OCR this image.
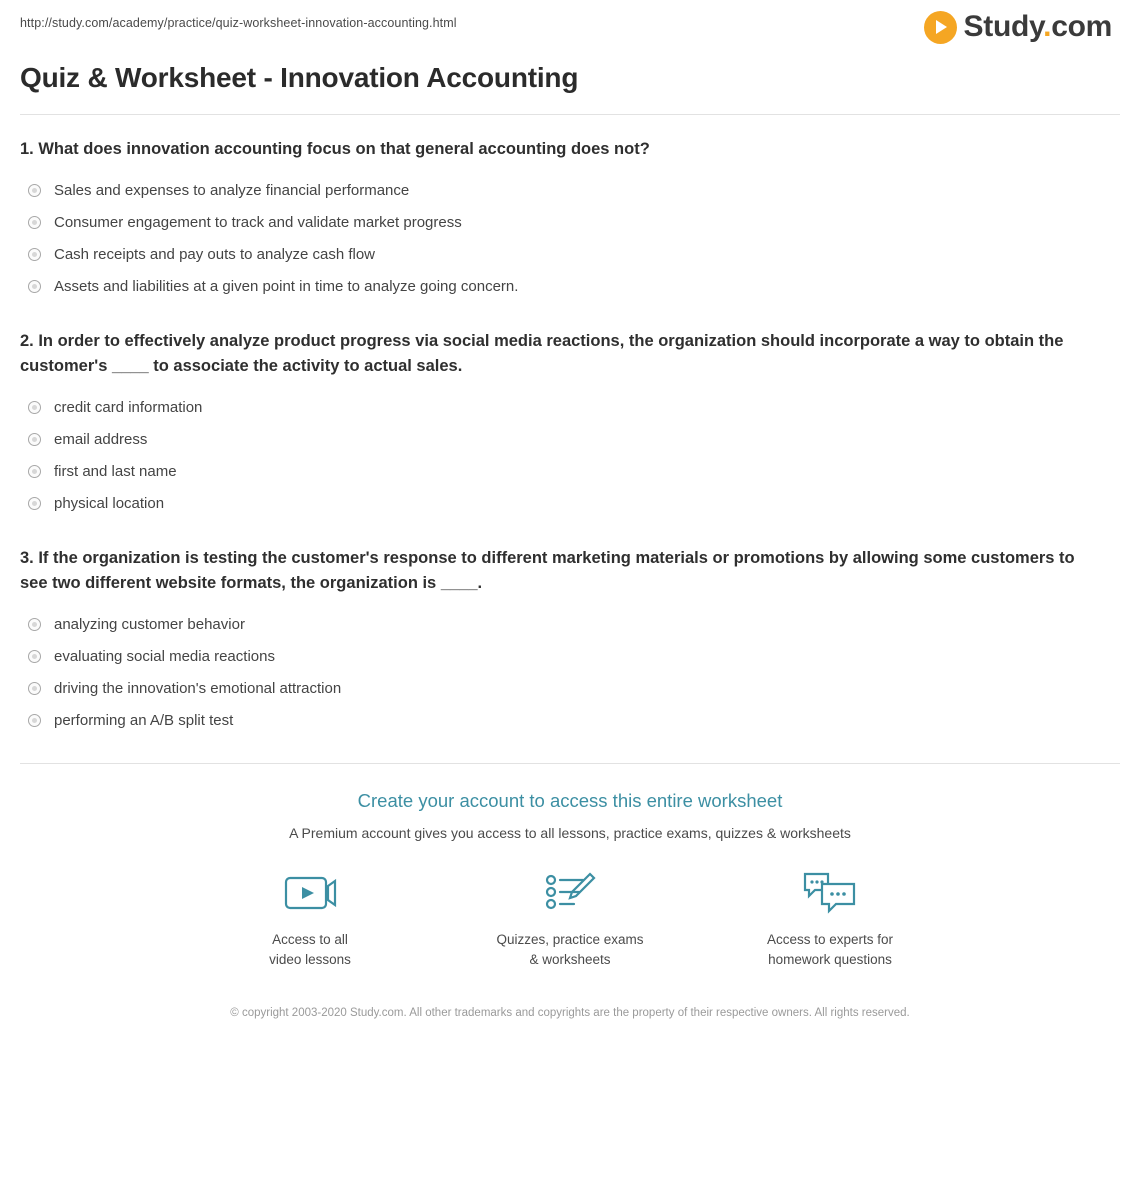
http://study.com/academy/practice/quiz-worksheet-innovation-accounting.html	Study.com
Quiz & Worksheet - Innovation Accounting
1. What does innovation accounting focus on that general accounting does not?
Sales and expenses to analyze financial performance
Consumer engagement to track and validate market progress
Cash receipts and pay outs to analyze cash flow
Assets and liabilities at a given point in time to analyze going concern.
2. In order to effectively analyze product progress via social media reactions, the organization should incorporate a way to obtain the customer's ____ to associate the activity to actual sales.
credit card information
email address
first and last name
physical location
3. If the organization is testing the customer's response to different marketing materials or promotions by allowing some customers to see two different website formats, the organization is ____.
analyzing customer behavior
evaluating social media reactions
driving the innovation's emotional attraction
performing an A/B split test
Create your account to access this entire worksheet
A Premium account gives you access to all lessons, practice exams, quizzes & worksheets
Access to all
video lessons
Quizzes, practice exams
& worksheets
Access to experts for
homework questions
© copyright 2003-2020 Study.com. All other trademarks and copyrights are the property of their respective owners. All rights reserved.
